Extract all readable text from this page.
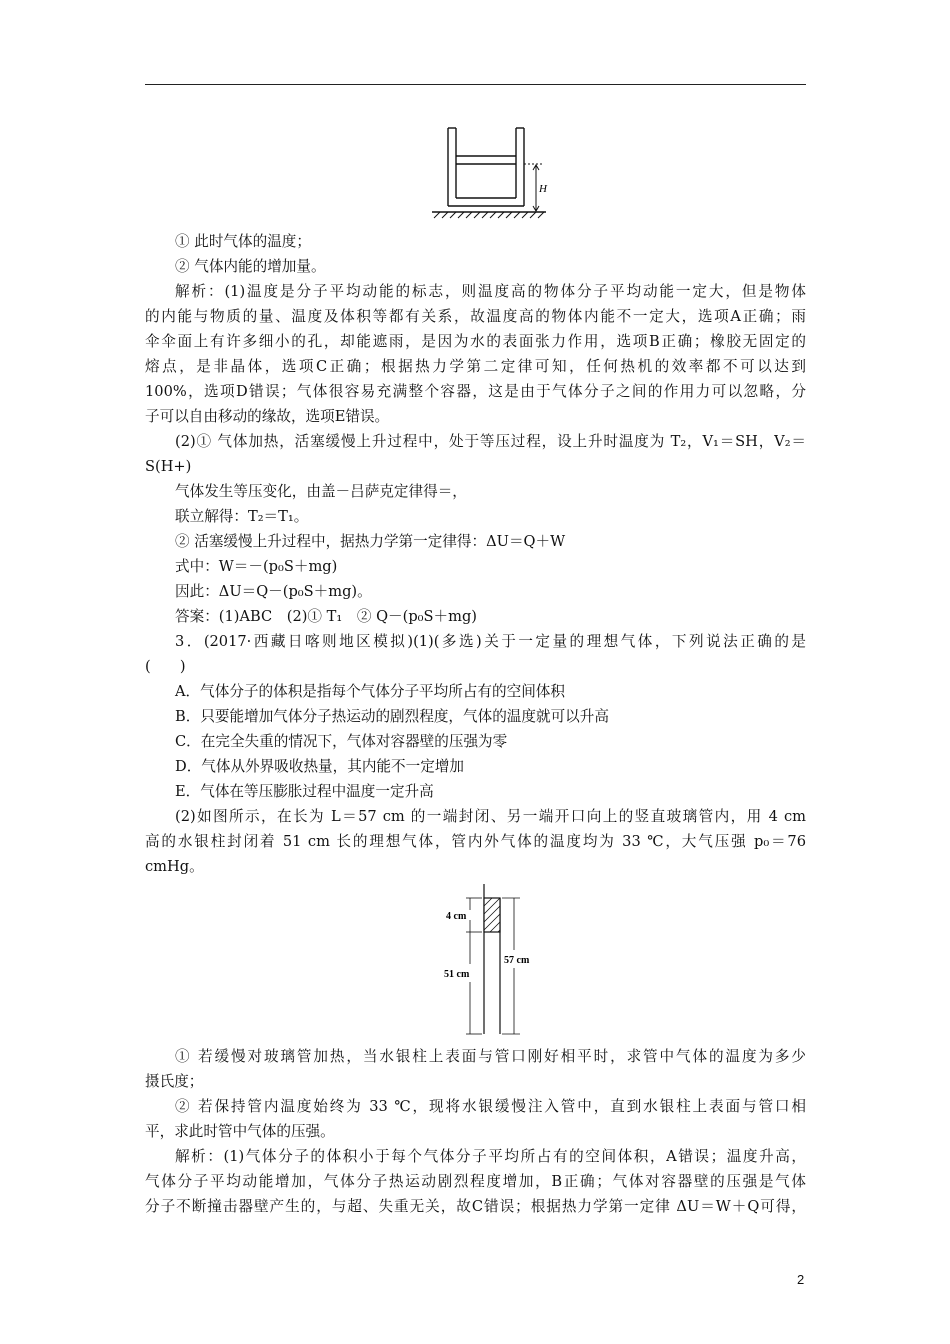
H
① 此时气体的温度；
② 气体内能的增加量。
解析：(1)温度是分子平均动能的标志，则温度高的物体分子平均动能一定大，但是物体
的内能与物质的量、温度及体积等都有关系，故温度高的物体内能不一定大，选项A正确；雨
伞伞面上有许多细小的孔，却能遮雨，是因为水的表面张力作用，选项B正确；橡胶无固定的
熔点，是非晶体，选项C正确；根据热力学第二定律可知，任何热机的效率都不可以达到
100%，选项D错误；气体很容易充满整个容器，这是由于气体分子之间的作用力可以忽略，分
子可以自由移动的缘故，选项E错误。
(2)① 气体加热，活塞缓慢上升过程中，处于等压过程，设上升时温度为 T₂，V₁＝SH，V₂＝
S(H+)
气体发生等压变化，由盖－吕萨克定律得＝，
联立解得：T₂＝T₁。
② 活塞缓慢上升过程中，据热力学第一定律得：ΔU＝Q＋W
式中：W＝－(p₀S＋mg)
因此：ΔU＝Q－(p₀S＋mg)。
答案：(1)ABC　(2)① T₁　② Q－(p₀S＋mg)
3．(2017·西藏日喀则地区模拟)(1)(多选)关于一定量的理想气体，下列说法正确的是
(　　)
A．气体分子的体积是指每个气体分子平均所占有的空间体积
B．只要能增加气体分子热运动的剧烈程度，气体的温度就可以升高
C．在完全失重的情况下，气体对容器壁的压强为零
D．气体从外界吸收热量，其内能不一定增加
E．气体在等压膨胀过程中温度一定升高
(2)如图所示，在长为 L＝57 cm 的一端封闭、另一端开口向上的竖直玻璃管内，用 4 cm
高的水银柱封闭着 51 cm 长的理想气体，管内外气体的温度均为 33 ℃，大气压强 p₀＝76
cmHg。
4 cm
51 cm
57 cm
① 若缓慢对玻璃管加热，当水银柱上表面与管口刚好相平时，求管中气体的温度为多少
摄氏度；
② 若保持管内温度始终为 33 ℃，现将水银缓慢注入管中，直到水银柱上表面与管口相
平，求此时管中气体的压强。
解析：(1)气体分子的体积小于每个气体分子平均所占有的空间体积，A错误；温度升高，
气体分子平均动能增加，气体分子热运动剧烈程度增加，B正确；气体对容器壁的压强是气体
分子不断撞击器壁产生的，与超、失重无关，故C错误；根据热力学第一定律 ΔU＝W＋Q可得，
2
